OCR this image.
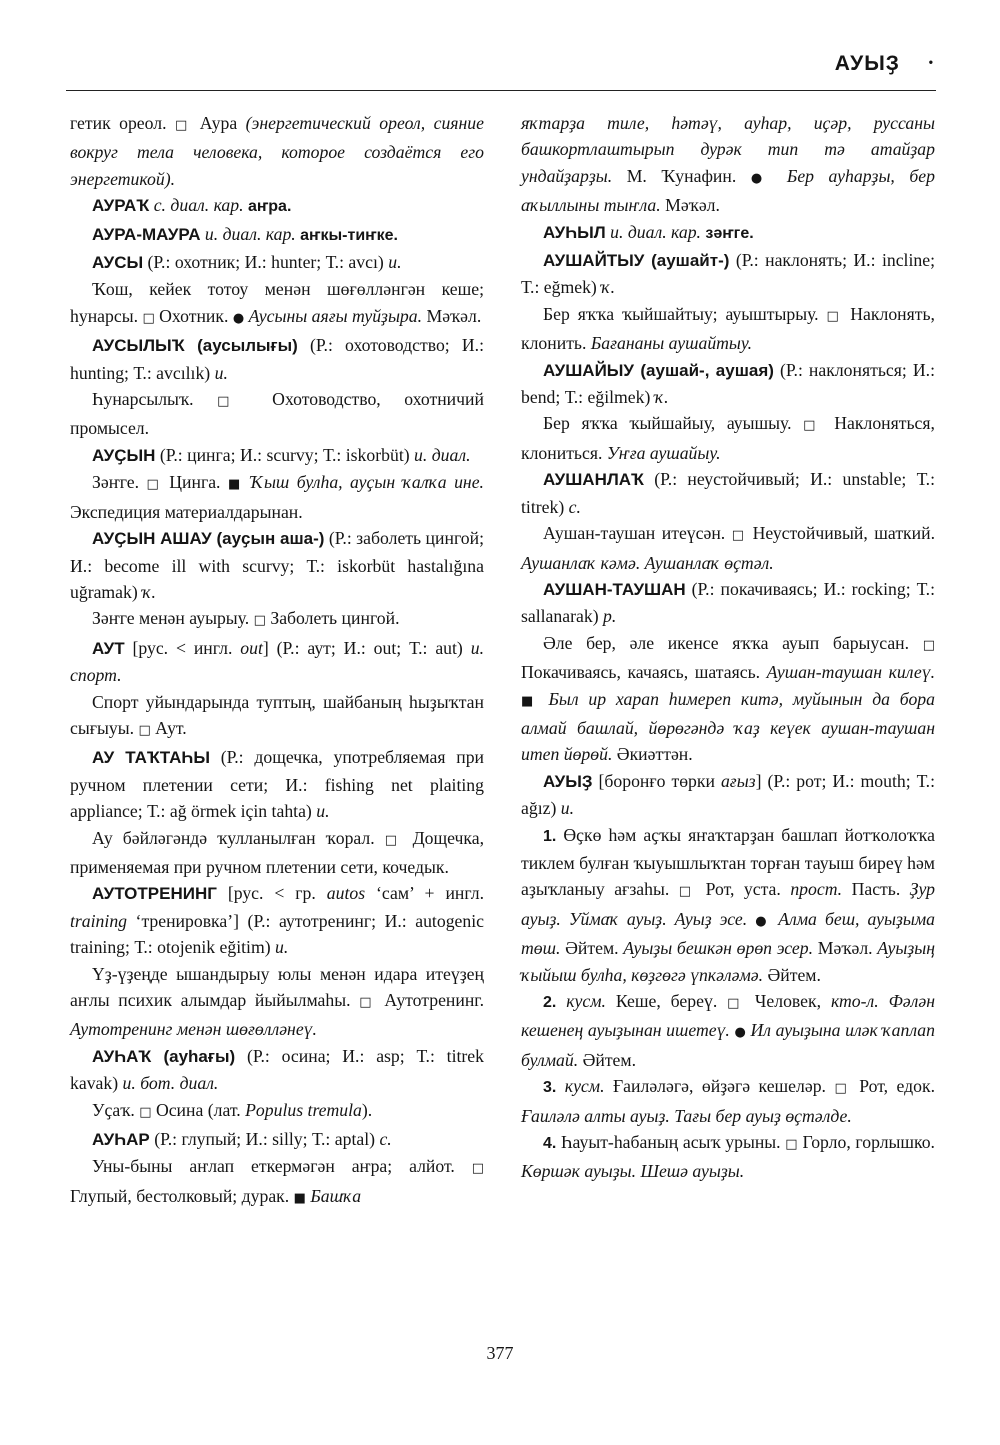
АУЫҘ •

гетик ореол. □ Аура (энергетический ореол, сияние вокруг тела человека, которое создаётся его энергетикой).

АУРАҠ с. диал. кар. аҥра.

АУРА-МАУРА и. диал. кар. аҥкы-тиҥкe.

АУСЫ (Р.: охотник; И.: hunter; Т.: avcı) и.

Ҡош, кейек тотоу менән шөғөлләнгән кеше; һунарсы. □ Охотник. ● Аусыны аяғы туйҙыра. Мәҡәл.

АУСЫЛЫҠ (аусылығы) (Р.: охотоводство; И.: hunting; Т.: avcılık) и.

Һунарсылыҡ. □ Охотоводство, охотничий промысел.

АУҪЫН (Р.: цинга; И.: scurvy; Т.: iskorbüt) и. диал.

Зәҥге. □ Цинга. ■ Ҡыш булһа, ауҫын ҡалҡа ине. Экспедиция материалдарынан.

АУҪЫН АШАУ (ауҫын аша-) (Р.: заболеть цингой; И.: become ill with scurvy; Т.: iskorbüt hastalığına uğramak) ҡ.

Зәҥге менән ауырыу. □ Заболеть цингой.

АУТ [рус. < ингл. out] (Р.: аут; И.: out; Т.: aut) и. спорт.

Спорт уйындарында туптың, шайбаның һыҙыҡтан сығыуы. □ Аут.

АУ ТАҠТАҺЫ (Р.: дощечка, употребляемая при ручном плетении сети; И.: fishing net plaiting appliance; Т.: ağ örmek için tahta) и.

Ау бәйләгәндә ҡулланылған ҡорал. □ Дощечка, применяемая при ручном плетении сети, кочедык.

АУТОТРЕНИНГ [рус. < гр. autos ‘сам’ + ингл. training ‘тренировка’] (Р.: аутотренинг; И.: autogenic training; Т.: otojenik eğitim) и.

Үҙ-үҙеңде ышандырыу юлы менән идара итеүҙең аҥлы психик алымдар йыйылмаһы. □ Аутотренинг. Аутотренинг менән шөғөлләнеү.

АУҺАҠ (ауһағы) (Р.: осина; И.: asp; Т.: titrek kavak) и. бот. диал.

Уҫаҡ. □ Осина (лат. Populus tremula).

АУҺАР (Р.: глупый; И.: silly; Т.: aptal) с.

Уны-быны аҥлап еткермәгән аҥра; алйот. □ Глупый, бестолковый; дурак. ■ Башҡа

яҡтарҙа тиле, һәтәү, ауһар, иҫәр, руссаны башкортлаштырып дурәк тип тә атайҙар ундайҙарҙы. М. Ҡунафин. ● Бер ауһарҙы, бер аҡыллыны тыҥла. Мәҡәл.

АУҺЫЛ и. диал. кар. зәҥге.

АУШАЙТЫУ (аушайт-) (Р.: наклонять; И.: incline; Т.: eğmek) ҡ.

Бер яҡҡа ҡыйшайтыу; ауыштырыу. □ Наклонять, клонить. Бағананы аушайтыу.

АУШАЙЫУ (аушай-, аушая) (Р.: наклоняться; И.: bend; Т.: eğilmek) ҡ.

Бер яҡҡа ҡыйшайыу, ауышыу. □ Наклоняться, клониться. Уҥға аушайыу.

АУШАНЛАҠ (Р.: неустойчивый; И.: unstable; Т.: titrek) с.

Аушан-таушан итеүсән. □ Неустойчивый, шаткий. Аушанлаҡ кәмә. Аушанлаҡ өҫтәл.

АУШАН-ТАУШАН (Р.: покачиваясь; И.: rocking; Т.: sallanarak) р.

Әле бер, әле икенсе яҡҡа ауып барыусан. □ Покачиваясь, качаясь, шатаясь. Аушан-таушан килеү. ■ Был ир харап һимереп китә, муйынын да бора алмай башлай, йөрөгәндә ҡаҙ кеүек аушан-таушан итеп йөрөй. Әкиәттән.

АУЫҘ [боронғо төрки ағыз] (Р.: рот; И.: mouth; Т.: ağız) и.

1. Өҫкө һәм аҫҡы яҥаҡтарҙан башлап йотҡолоҡҡа тиклем булған ҡыуышлыҡтан торған тауыш биреү һәм аҙыҡланыу ағзаһы. □ Рот, уста. прост. Пасть. Ҙур ауыҙ. Уймаҡ ауыҙ. Ауыҙ эсе. ● Алма беш, ауыҙыма төш. Әйтем. Ауыҙы бешкән өрөп эсер. Мәҡәл. Ауыҙың ҡыйыш булһа, көҙгөгә үпкәләмә. Әйтем.

2. кусм. Кеше, береү. □ Человек, кто-л. Фәлән кешенең ауыҙынан ишетеү. ● Ил ауыҙына иләк ҡаплап булмай. Әйтем.

3. кусм. Ғаиләләгә, өйҙәгә кешеләр. □ Рот, едок. Ғаиләлә алты ауыҙ. Тағы бер ауыҙ өҫтәлде.

4. Һауыт-һабаның асыҡ урыны. □ Горло, горлышко. Көршәк ауыҙы. Шешә ауыҙы.

377
